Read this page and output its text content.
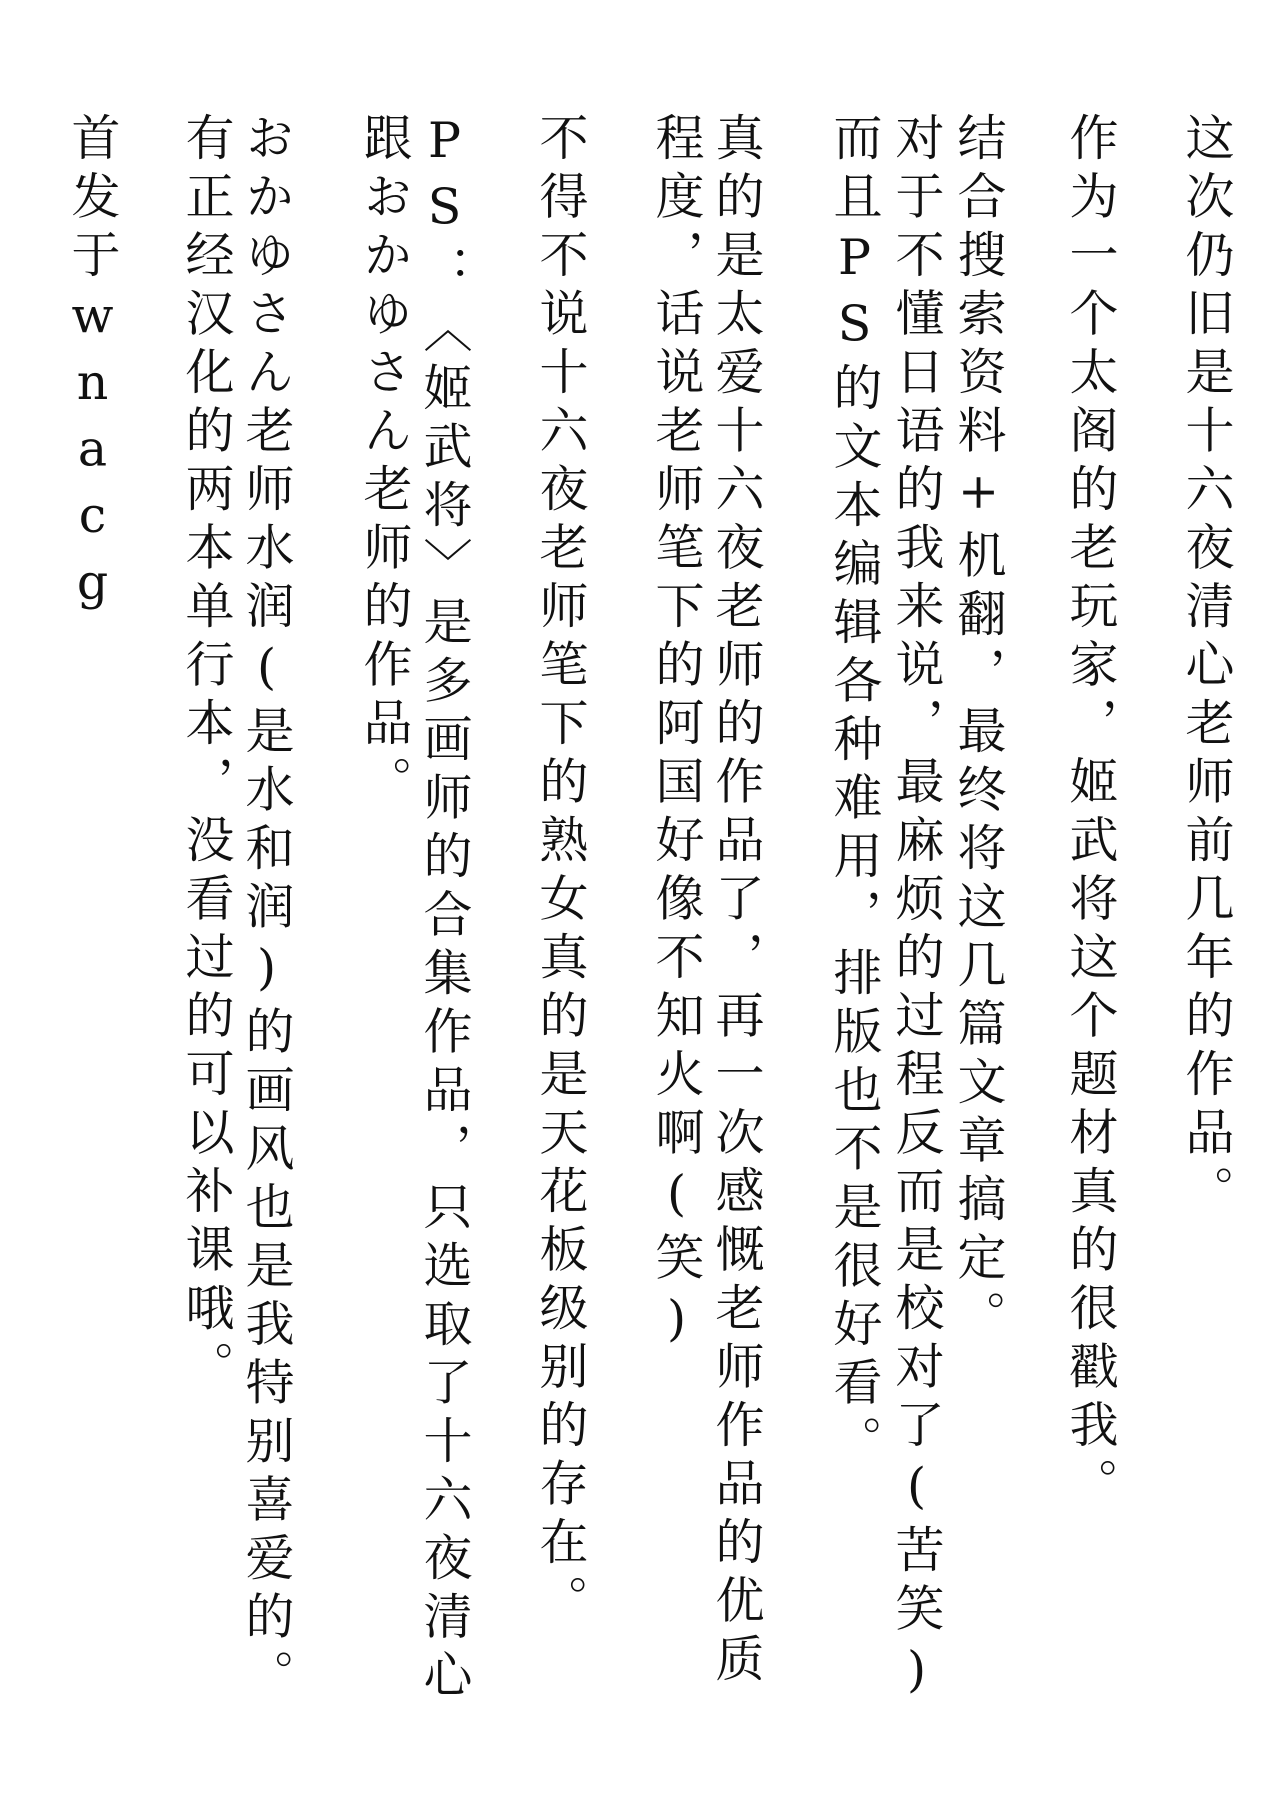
这次仍旧是十六夜清心老师前几年的作品。
作为一个太阁的老玩家，姬武将这个题材真的很戳我。
结合搜索资料+机翻，最终将这几篇文章搞定。
对于不懂日语的我来说，最麻烦的过程反而是校对了(苦笑)
而且PS的文本编辑各种难用，排版也不是很好看。
真的是太爱十六夜老师的作品了，再一次感慨老师作品的优质
程度，话说老师笔下的阿国好像不知火啊(笑)
不得不说十六夜老师笔下的熟女真的是天花板级别的存在。
PS：〈姬武将〉是多画师的合集作品，只选取了十六夜清心
跟おかゆさん老师的作品。
おかゆさん老师水润(是水和润)的画风也是我特别喜爱的。
有正经汉化的两本单行本，没看过的可以补课哦。
首发于wnacg
